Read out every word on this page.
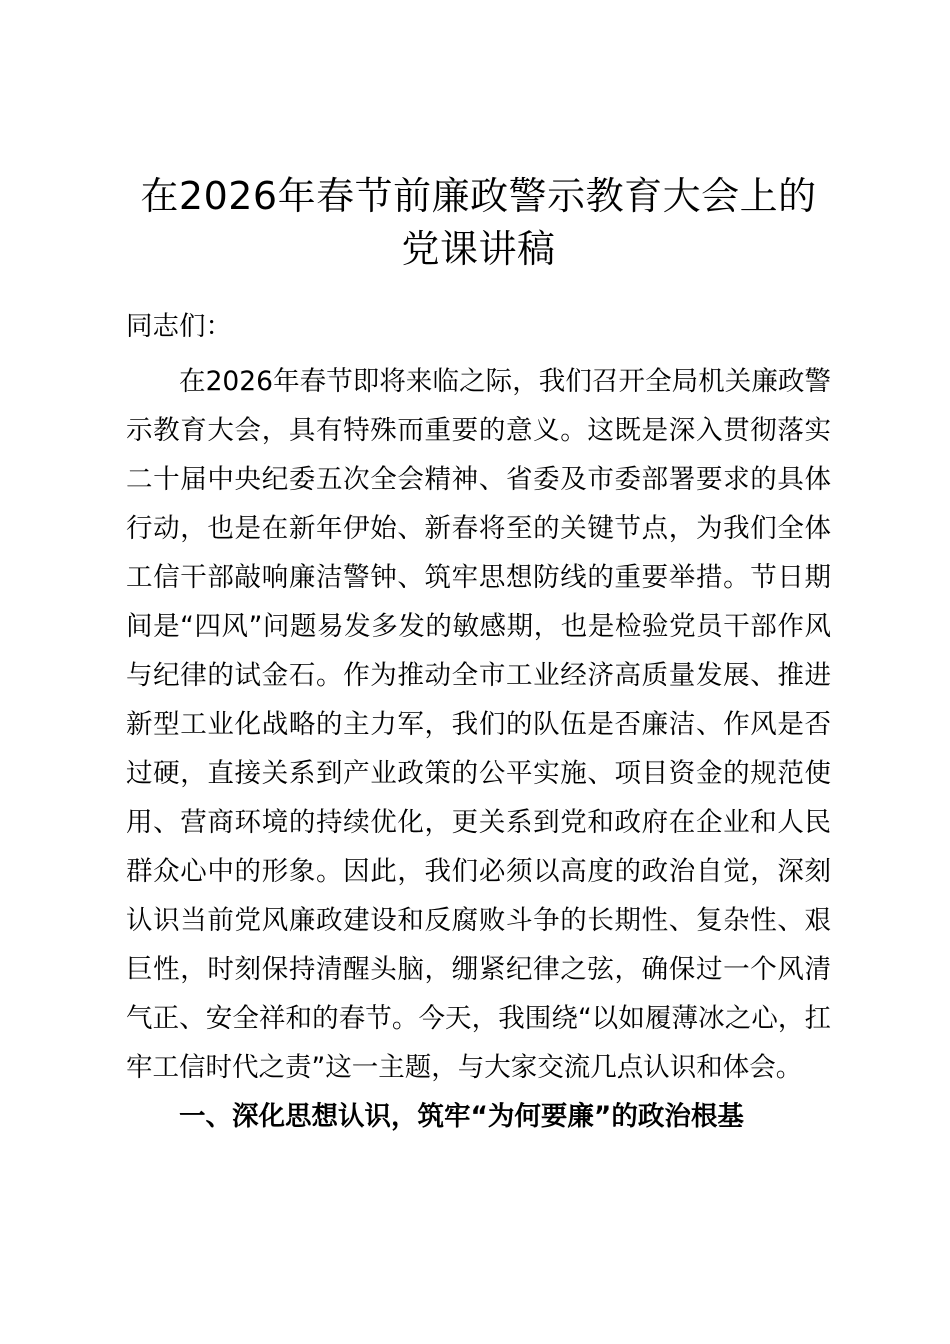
在2026年春节前廉政警示教育大会上的党课讲稿

同志们：

在2026年春节即将来临之际，我们召开全局机关廉政警示教育大会，具有特殊而重要的意义。这既是深入贯彻落实二十届中央纪委五次全会精神、省委及市委部署要求的具体行动，也是在新年伊始、新春将至的关键节点，为我们全体工信干部敲响廉洁警钟、筑牢思想防线的重要举措。节日期间是“四风”问题易发多发的敏感期，也是检验党员干部作风与纪律的试金石。作为推动全市工业经济高质量发展、推进新型工业化战略的主力军，我们的队伍是否廉洁、作风是否过硬，直接关系到产业政策的公平实施、项目资金的规范使用、营商环境的持续优化，更关系到党和政府在企业和人民群众心中的形象。因此，我们必须以高度的政治自觉，深刻认识当前党风廉政建设和反腐败斗争的长期性、复杂性、艰巨性，时刻保持清醒头脑，绷紧纪律之弦，确保过一个风清气正、安全祥和的春节。今天，我围绕“以如履薄冰之心，扛牢工信时代之责”这一主题，与大家交流几点认识和体会。

一、深化思想认识，筑牢“为何要廉”的政治根基
